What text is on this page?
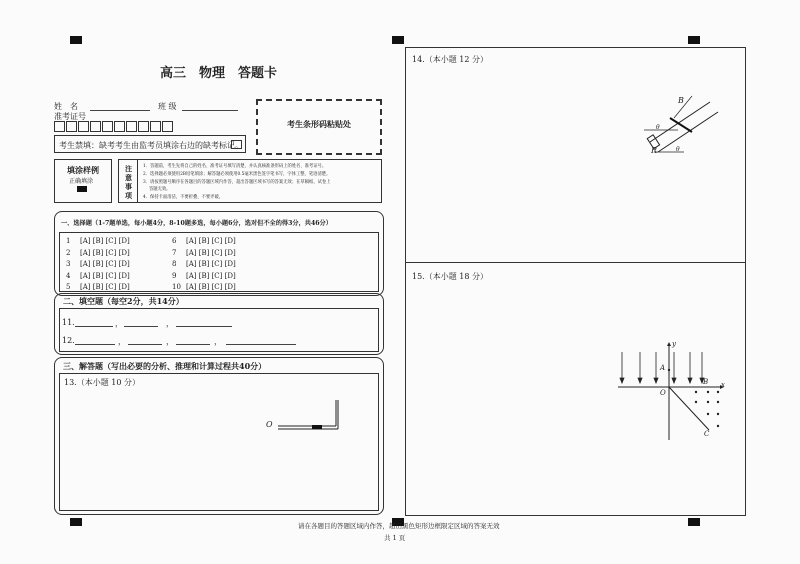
高三　物理　答题卡
姓　名	班 级
准考证号
考生条形码粘贴处
考生禁填：缺考考生由监考员填涂右边的缺考标记。
填涂样例
正确填涂
注意事项
1．答题前，考生先将自己的姓名、准考证号填写清楚，并认真核准条形码上的姓名、准考证号。
2．选择题必须使用2B铅笔填涂；解答题必须使用0.5毫米黑色签字笔书写，字体工整、笔迹清楚。
3．请按照题号顺序在各题目的答题区域内作答，超出答题区域书写的答案无效；在草稿纸、试卷上
答题无效。
4．保持卡面清洁，不要折叠、不要弄破。
一、选择题（1-7题单选，每小题4分，8-10题多选，每小题6分，选对但不全的得3分，共46分）
1 [A] [B] [C] [D]
2 [A] [B] [C] [D]
3 [A] [B] [C] [D]
4 [A] [B] [C] [D]
5 [A] [B] [C] [D]
6 [A] [B] [C] [D]
7 [A] [B] [C] [D]
8 [A] [B] [C] [D]
9 [A] [B] [C] [D]
10 [A] [B] [C] [D]
二、填空题（每空2分，共14分）
11.	，	，
12.	，	，	，
三、解答题（写出必要的分析、推理和计算过程共40分）
13.（本小题 10 分）
O
14.（本小题 12 分）
B
θ
R	θ
15.（本小题 18 分）
y
x
A
O
B
C
请在各题目的答题区域内作答，超出黑色矩形边框限定区域的答案无效
共 1 页
